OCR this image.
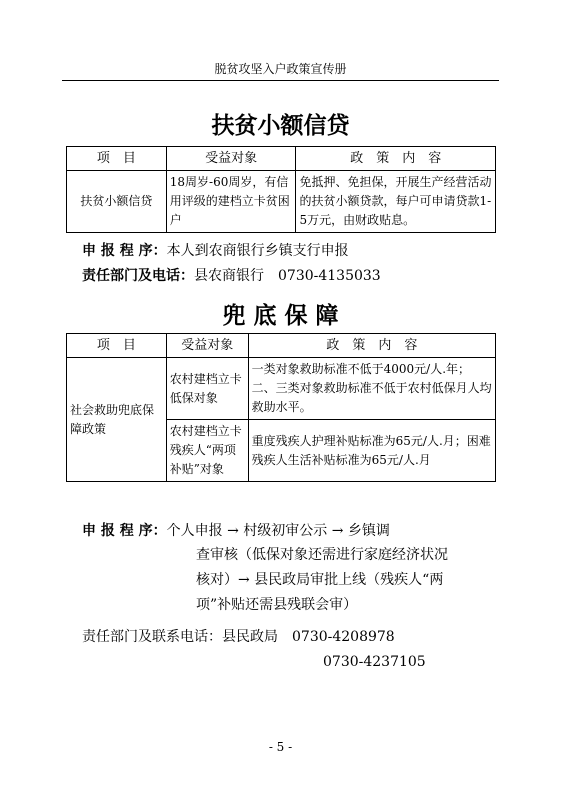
脱贫攻坚入户政策宣传册
扶贫小额信贷
项　目	受益对象	政　策　内　容
扶贫小额信贷	18周岁-60周岁，有信用评级的建档立卡贫困户	免抵押、免担保，开展生产经营活动的扶贫小额贷款，每户可申请贷款1-5万元，由财政贴息。
申 报 程 序：本人到农商银行乡镇支行申报
责任部门及电话：县农商银行　0730-4135033
兜 底 保 障
项　目	受益对象	政　策　内　容
社会救助兜底保障政策	农村建档立卡低保对象	一类对象救助标准不低于4000元/人.年；二、三类对象救助标准不低于农村低保月人均救助水平。
	农村建档立卡残疾人“两项补贴”对象	重度残疾人护理补贴标准为65元/人.月；困难残疾人生活补贴标准为65元/人.月
申 报 程 序：个人申报 → 村级初审公示 → 乡镇调
查审核（低保对象还需进行家庭经济状况
核对）→ 县民政局审批上线（残疾人“两
项”补贴还需县残联会审）
责任部门及联系电话：县民政局　0730-4208978
0730-4237105
- 5 -
